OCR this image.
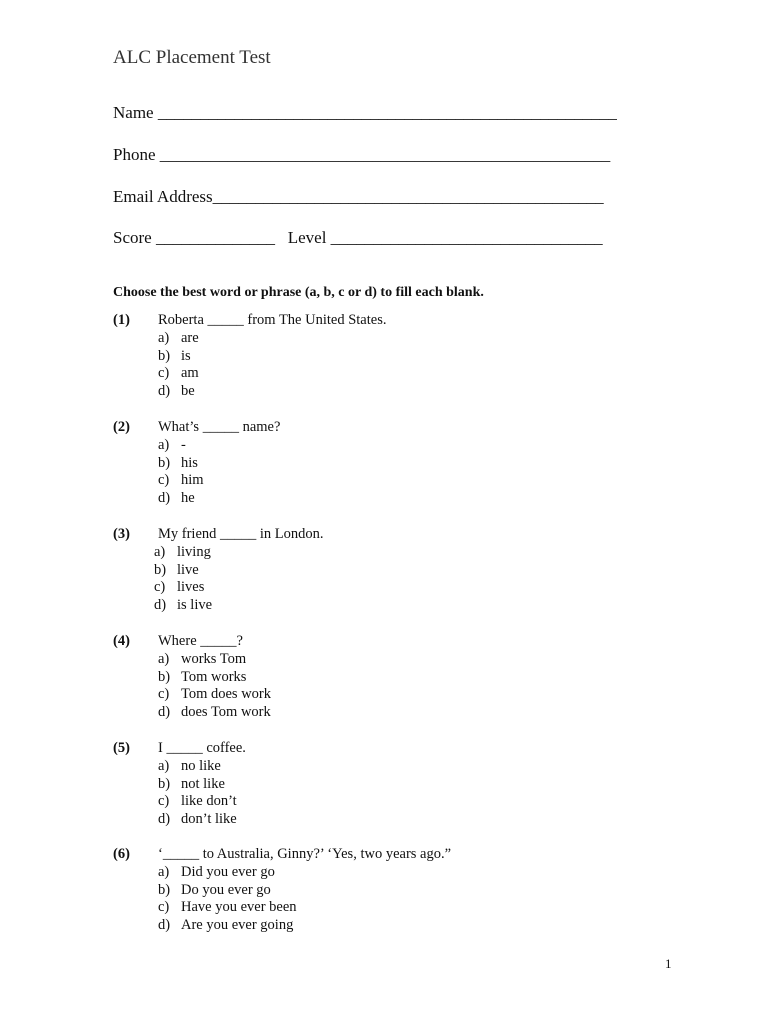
ALC Placement Test
Name ______________________________________________________
Phone _____________________________________________________
Email Address______________________________________________
Score ______________ Level ________________________________
Choose the best word or phrase (a, b, c or d) to fill each blank.
(1) Roberta _____ from The United States.
a) are
b) is
c) am
d) be
(2) What’s _____ name?
a) -
b) his
c) him
d) he
(3) My friend _____ in London.
a) living
b) live
c) lives
d) is live
(4) Where _____?
a) works Tom
b) Tom works
c) Tom does work
d) does Tom work
(5) I _____ coffee.
a) no like
b) not like
c) like don’t
d) don’t like
(6) ‘_____ to Australia, Ginny?’ ‘Yes, two years ago.”
a) Did you ever go
b) Do you ever go
c) Have you ever been
d) Are you ever going
1
